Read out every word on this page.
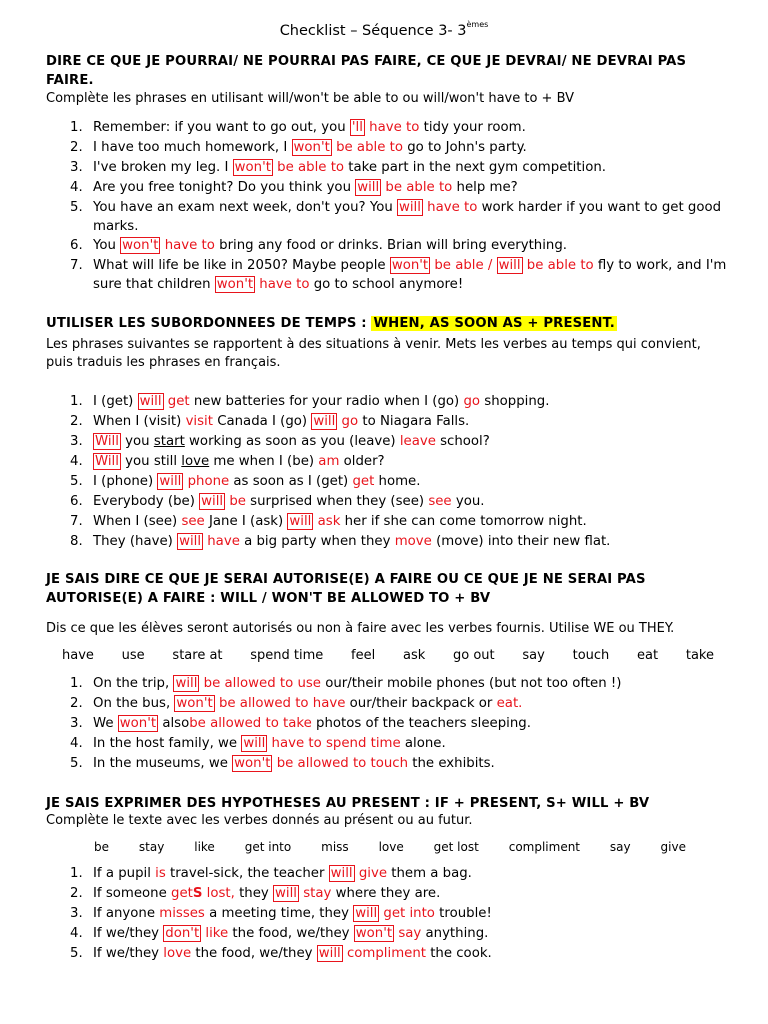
Checklist – Séquence 3- 3èmes
DIRE CE QUE JE POURRAI/ NE POURRAI PAS FAIRE, CE QUE JE DEVRAI/ NE DEVRAI PAS
FAIRE.
Complète les phrases en utilisant will/won't be able to ou will/won't have to + BV
1. Remember: if you want to go out, you 'll have to tidy your room.
2. I have too much homework, I won't be able to go to John's party.
3. I've broken my leg. I won't be able to take part in the next gym competition.
4. Are you free tonight? Do you think you will be able to help me?
5. You have an exam next week, don't you? You will have to work harder if you want to get good marks.
6. You won't have to bring any food or drinks. Brian will bring everything.
7. What will life be like in 2050? Maybe people won't be able / will be able to fly to work, and I'm sure that children won't have to go to school anymore!
UTILISER LES SUBORDONNEES DE TEMPS : WHEN, AS SOON AS + PRESENT.
Les phrases suivantes se rapportent à des situations à venir. Mets les verbes au temps qui convient,
puis traduis les phrases en français.
1. I (get) will get new batteries for your radio when I (go) go shopping.
2. When I (visit) visit Canada I (go) will go to Niagara Falls.
3. Will you start working as soon as you (leave) leave school?
4. Will you still love me when I (be) am older?
5. I (phone) will phone as soon as I (get) get home.
6. Everybody (be) will be surprised when they (see) see you.
7. When I (see) see Jane I (ask) will ask her if she can come tomorrow night.
8. They (have) will have a big party when they move (move) into their new flat.
JE SAIS DIRE CE QUE JE SERAI AUTORISE(E) A FAIRE OU CE QUE JE NE SERAI PAS
AUTORISE(E) A FAIRE : WILL / WON'T BE ALLOWED TO + BV
Dis ce que les élèves seront autorisés ou non à faire avec les verbes fournis. Utilise WE ou THEY.
have use stare at spend time feel ask go out say touch eat take
1. On the trip, will be allowed to use our/their mobile phones (but not too often !)
2. On the bus, won't be allowed to have our/their backpack or eat.
3. We won't alsobe allowed to take photos of the teachers sleeping.
4. In the host family, we will have to spend time alone.
5. In the museums, we won't be allowed to touch the exhibits.
JE SAIS EXPRIMER DES HYPOTHESES AU PRESENT : IF + PRESENT, S+ WILL + BV
Complète le texte avec les verbes donnés au présent ou au futur.
be stay like get into miss love get lost compliment say give
1. If a pupil is travel-sick, the teacher will give them a bag.
2. If someone getS lost, they will stay where they are.
3. If anyone misses a meeting time, they will get into trouble!
4. If we/they don't like the food, we/they won't say anything.
5. If we/they love the food, we/they will compliment the cook.
